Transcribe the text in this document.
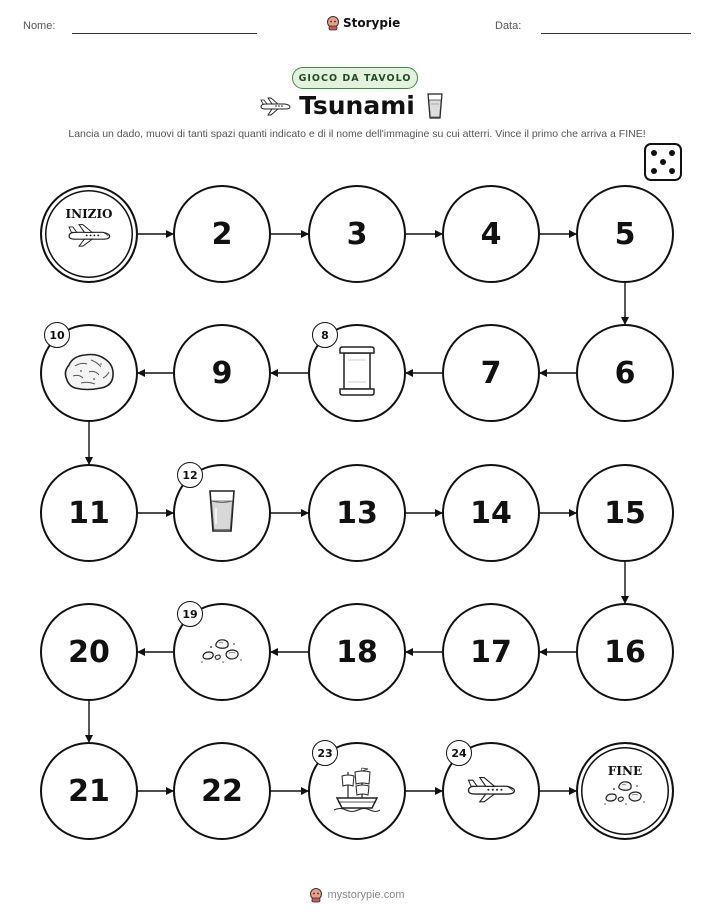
Nome:	Storypie	Data:
GIOCO DA TAVOLO
Tsunami
Lancia un dado, muovi di tanti spazi quanti indicato e di il nome dell'immagine su cui atterri. Vince il primo che arriva a FINE!
INIZIO
2	3	4	5
6
7
8
9
10
11
12
13	14	15
16
17
18
19
20
21	22
23	24
FINE
mystorypie.com
